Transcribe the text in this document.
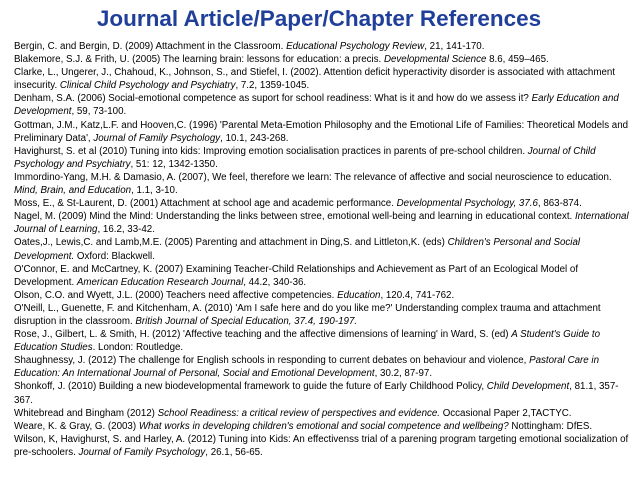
Journal Article/Paper/Chapter References

Bergin, C. and Bergin, D. (2009) Attachment in the Classroom. Educational Psychology Review, 21, 141-170.

Blakemore, S.J. & Frith, U. (2005) The learning brain: lessons for education: a precis. Developmental Science 8.6, 459–465.

Clarke, L., Ungerer, J., Chahoud, K., Johnson, S., and Stiefel, I. (2002). Attention deficit hyperactivity disorder is associated with attachment insecurity. Clinical Child Psychology and Psychiatry, 7.2, 1359-1045.

Denham, S.A. (2006) Social-emotional competence as suport for school readiness: What is it and how do we assess it? Early Education and Development, 59, 73-100.

Gottman, J.M., Katz,L.F. and Hooven,C. (1996) 'Parental Meta-Emotion Philosophy and the Emotional Life of Families: Theoretical Models and Preliminary Data', Journal of Family Psychology, 10.1, 243-268.

Havighurst, S. et al (2010) Tuning into kids: Improving emotion socialisation practices in parents of pre-school children. Journal of Child Psychology and Psychiatry, 51: 12, 1342-1350.

Immordino-Yang, M.H. & Damasio, A. (2007), We feel, therefore we learn: The relevance of affective and social neuroscience to education. Mind, Brain, and Education, 1.1, 3-10.

Moss, E., & St-Laurent, D. (2001) Attachment at school age and academic performance. Developmental Psychology, 37.6, 863-874.

Nagel, M. (2009) Mind the Mind: Understanding the links between stree, emotional well-being and learning in educational context. International Journal of Learning, 16.2, 33-42.

Oates,J., Lewis,C. and Lamb,M.E. (2005) Parenting and attachment in Ding,S. and Littleton,K. (eds) Children's Personal and Social Development. Oxford: Blackwell.

O'Connor, E. and McCartney, K. (2007) Examining Teacher-Child Relationships and Achievement as Part of an Ecological Model of Development. American Education Research Journal, 44.2, 340-36.

Olson, C.O. and Wyett, J.L. (2000) Teachers need affective competencies. Education, 120.4, 741-762.

O'Neill, L., Guenette, F. and Kitchenham, A. (2010) 'Am I safe here and do you like me?' Understanding complex trauma and attachment disruption in the classroom. British Journal of Special Education, 37.4, 190-197.

Rose, J., Gilbert, L. & Smith, H. (2012) 'Affective teaching and the affective dimensions of learning' in Ward, S. (ed) A Student's Guide to Education Studies. London: Routledge.

Shaughnessy, J. (2012) The challenge for English schools in responding to current debates on behaviour and violence, Pastoral Care in Education: An International Journal of Personal, Social and Emotional Development, 30.2, 87-97.

Shonkoff, J. (2010) Building a new biodevelopmental framework to guide the future of Early Childhood Policy, Child Development, 81.1, 357-367.

Whitebread and Bingham (2012) School Readiness: a critical review of perspectives and evidence. Occasional Paper 2,TACTYC.

Weare, K. & Gray, G. (2003) What works in developing children's emotional and social competence and wellbeing? Nottingham: DfES.

Wilson, K, Havighurst, S. and Harley, A. (2012) Tuning into Kids: An effectivenss trial of a parening program targeting emotional socialization of pre-schoolers. Journal of Family Psychology, 26.1, 56-65.
